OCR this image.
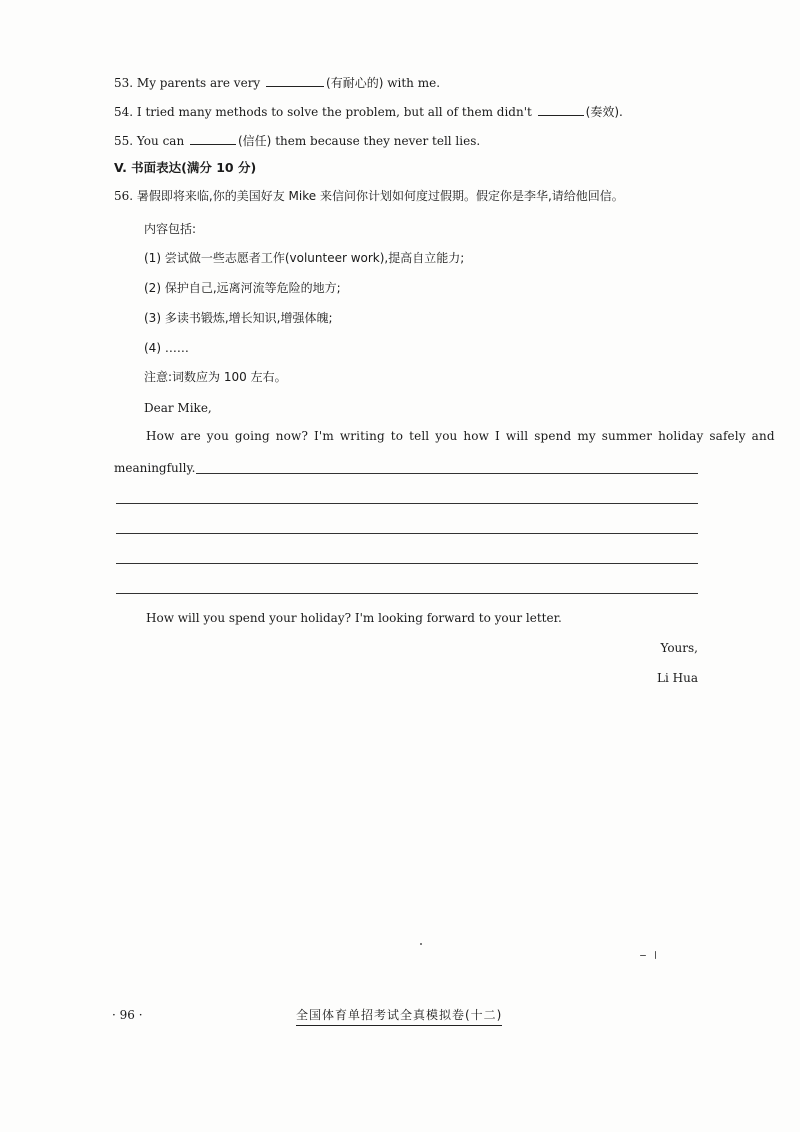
53. My parents are very	(有耐心的) with me.
54. I tried many methods to solve the problem, but all of them didn't	(奏效).
55. You can	(信任) them because they never tell lies.
V. 书面表达(满分 10 分)
56. 暑假即将来临,你的美国好友 Mike 来信问你计划如何度过假期。假定你是李华,请给他回信。
内容包括:
(1) 尝试做一些志愿者工作(volunteer work),提高自立能力;
(2) 保护自己,远离河流等危险的地方;
(3) 多读书锻炼,增长知识,增强体魄;
(4) ……
注意:词数应为 100 左右。
Dear Mike,
How are you going now? I'm writing to tell you how I will spend my summer holiday safely and
meaningfully.
How will you spend your holiday? I'm looking forward to your letter.
Yours,
Li Hua
· 96 ·	全国体育单招考试全真模拟卷(十二)
